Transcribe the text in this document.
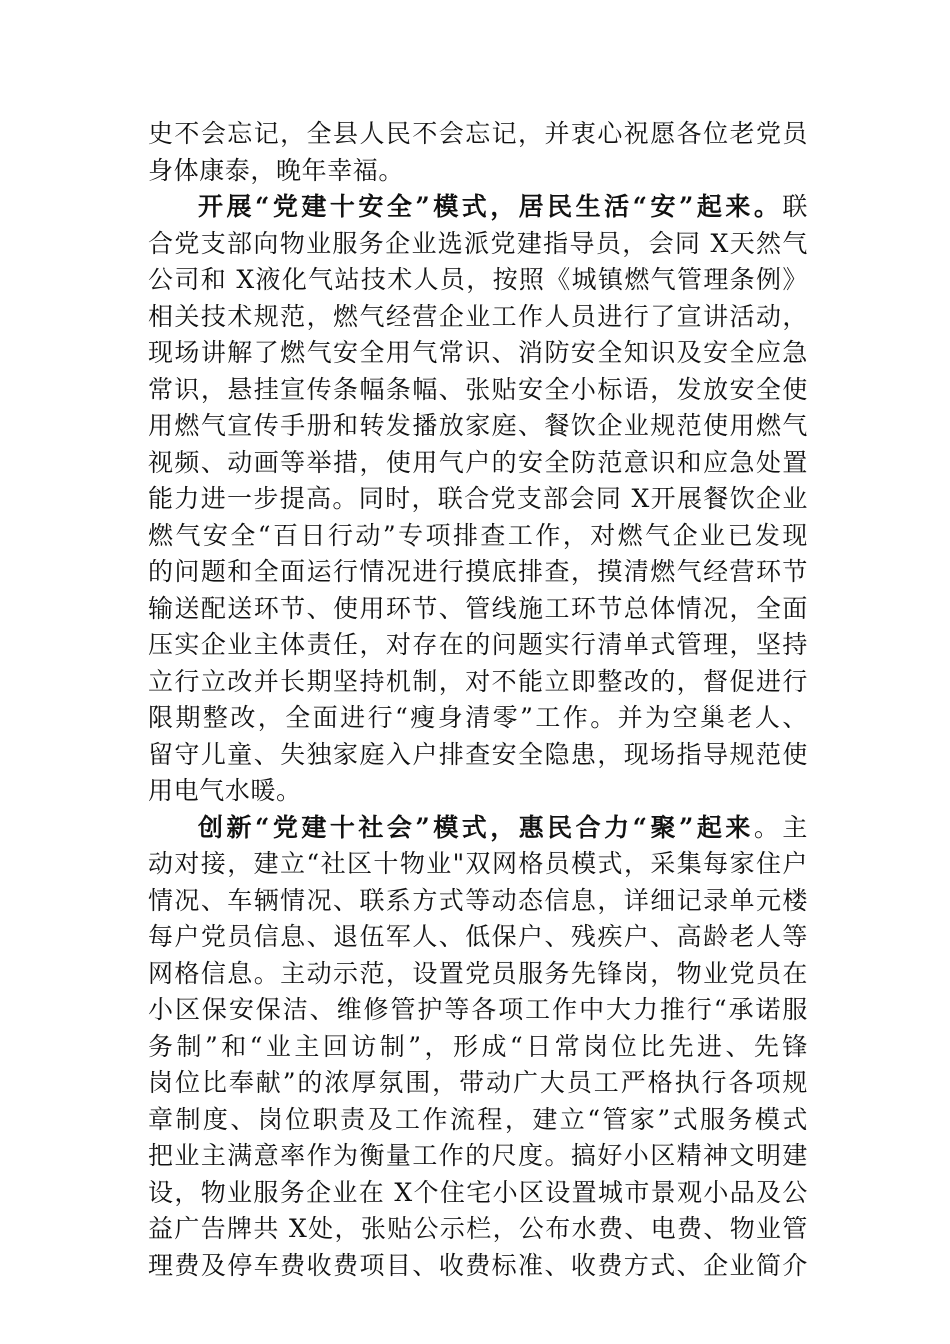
史不会忘记，全县人民不会忘记，并衷心祝愿各位老党员
身体康泰，晚年幸福。
开展“党建十安全”模式，居民生活“安”起来。联
合党支部向物业服务企业选派党建指导员，会同 X天然气
公司和 X液化气站技术人员，按照《城镇燃气管理条例》
相关技术规范，燃气经营企业工作人员进行了宣讲活动，
现场讲解了燃气安全用气常识、消防安全知识及安全应急
常识，悬挂宣传条幅条幅、张贴安全小标语，发放安全使
用燃气宣传手册和转发播放家庭、餐饮企业规范使用燃气
视频、动画等举措，使用气户的安全防范意识和应急处置
能力进一步提高。同时，联合党支部会同 X开展餐饮企业
燃气安全“百日行动”专项排查工作，对燃气企业已发现
的问题和全面运行情况进行摸底排查，摸清燃气经营环节
输送配送环节、使用环节、管线施工环节总体情况，全面
压实企业主体责任，对存在的问题实行清单式管理，坚持
立行立改并长期坚持机制，对不能立即整改的，督促进行
限期整改，全面进行“瘦身清零”工作。并为空巢老人、
留守儿童、失独家庭入户排查安全隐患，现场指导规范使
用电气水暖。
创新“党建十社会”模式，惠民合力“聚”起来。主
动对接，建立“社区十物业"双网格员模式，采集每家住户
情况、车辆情况、联系方式等动态信息，详细记录单元楼
每户党员信息、退伍军人、低保户、残疾户、高龄老人等
网格信息。主动示范，设置党员服务先锋岗，物业党员在
小区保安保洁、维修管护等各项工作中大力推行“承诺服
务制”和“业主回访制”，形成“日常岗位比先进、先锋
岗位比奉献”的浓厚氛围，带动广大员工严格执行各项规
章制度、岗位职责及工作流程，建立“管家”式服务模式
把业主满意率作为衡量工作的尺度。搞好小区精神文明建
设，物业服务企业在 X个住宅小区设置城市景观小品及公
益广告牌共 X处，张贴公示栏，公布水费、电费、物业管
理费及停车费收费项目、收费标准、收费方式、企业简介
